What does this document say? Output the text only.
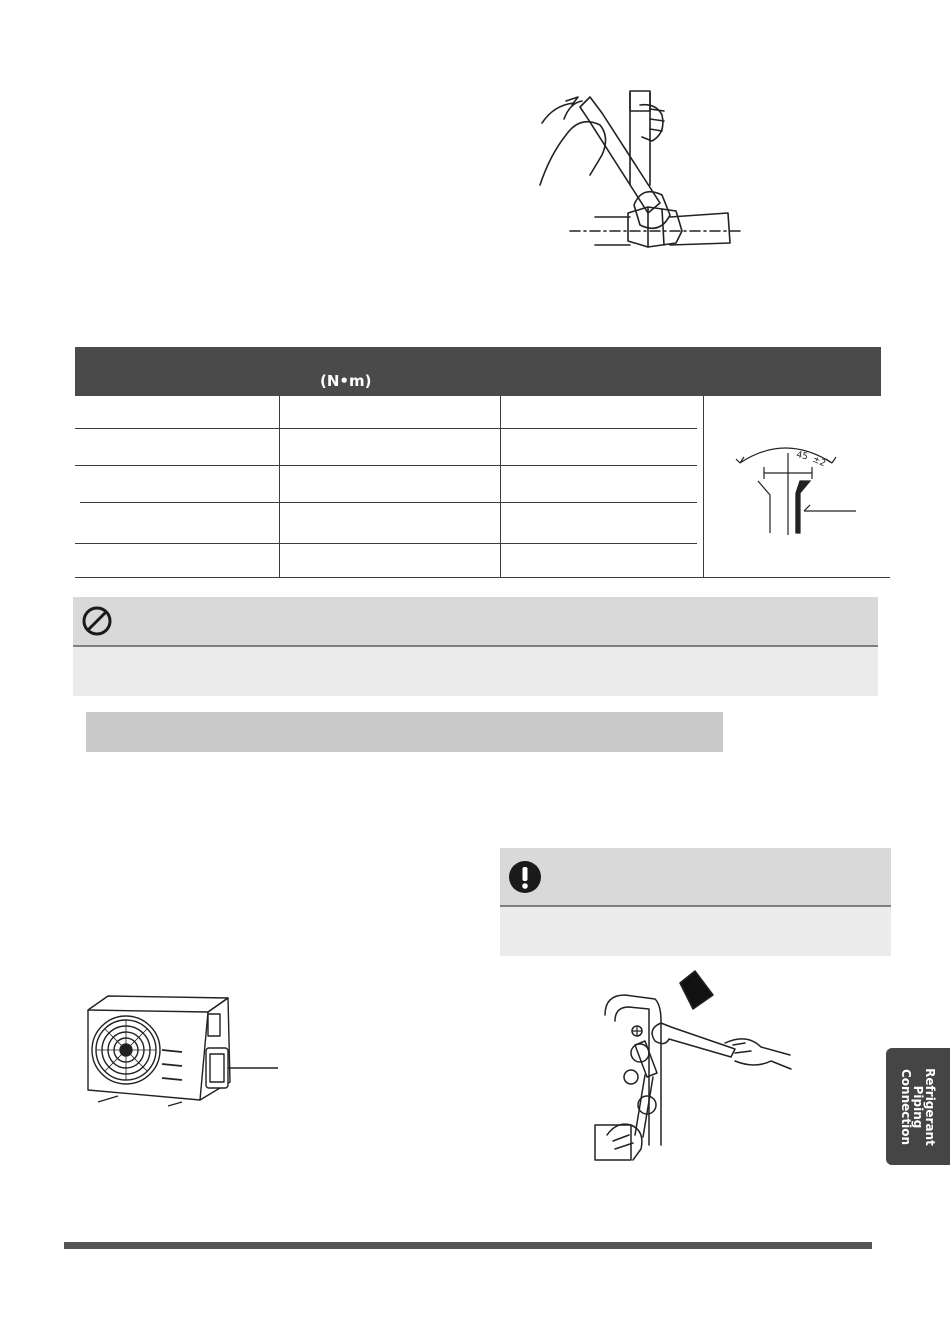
(N•m)
45 ±2
Refrigerant
Piping
Connection
